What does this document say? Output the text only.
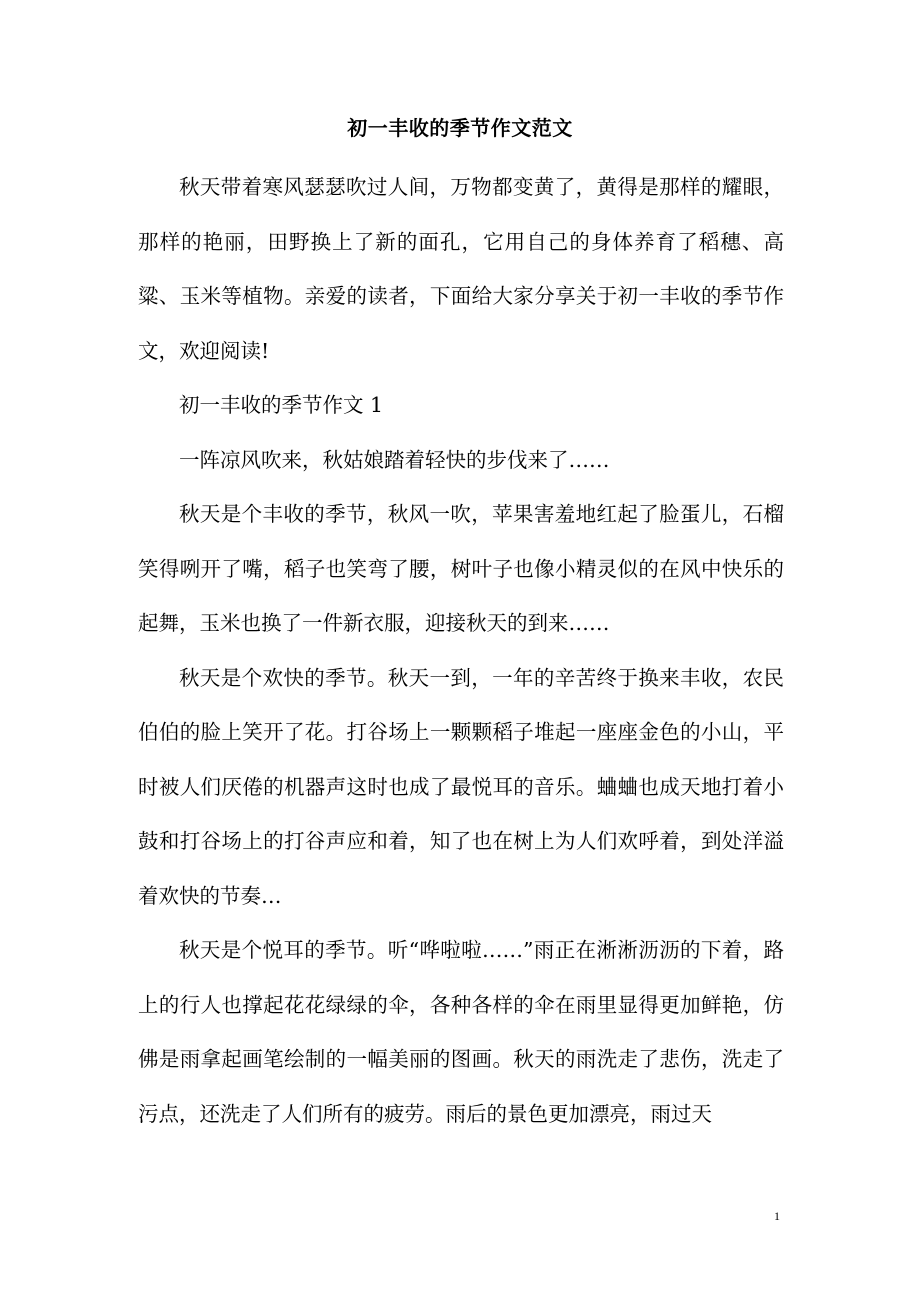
初一丰收的季节作文范文

秋天带着寒风瑟瑟吹过人间，万物都变黄了，黄得是那样的耀眼，那样的艳丽，田野换上了新的面孔，它用自己的身体养育了稻穗、高粱、玉米等植物。亲爱的读者，下面给大家分享关于初一丰收的季节作文，欢迎阅读!

初一丰收的季节作文 1

一阵凉风吹来，秋姑娘踏着轻快的步伐来了……

秋天是个丰收的季节，秋风一吹，苹果害羞地红起了脸蛋儿，石榴笑得咧开了嘴，稻子也笑弯了腰，树叶子也像小精灵似的在风中快乐的起舞，玉米也换了一件新衣服，迎接秋天的到来……

秋天是个欢快的季节。秋天一到，一年的辛苦终于换来丰收，农民伯伯的脸上笑开了花。打谷场上一颗颗稻子堆起一座座金色的小山，平时被人们厌倦的机器声这时也成了最悦耳的音乐。蛐蛐也成天地打着小鼓和打谷场上的打谷声应和着，知了也在树上为人们欢呼着，到处洋溢着欢快的节奏…

秋天是个悦耳的季节。听“哗啦啦……”雨正在淅淅沥沥的下着，路上的行人也撑起花花绿绿的伞，各种各样的伞在雨里显得更加鲜艳，仿佛是雨拿起画笔绘制的一幅美丽的图画。秋天的雨洗走了悲伤，洗走了污点，还洗走了人们所有的疲劳。雨后的景色更加漂亮，雨过天

1
